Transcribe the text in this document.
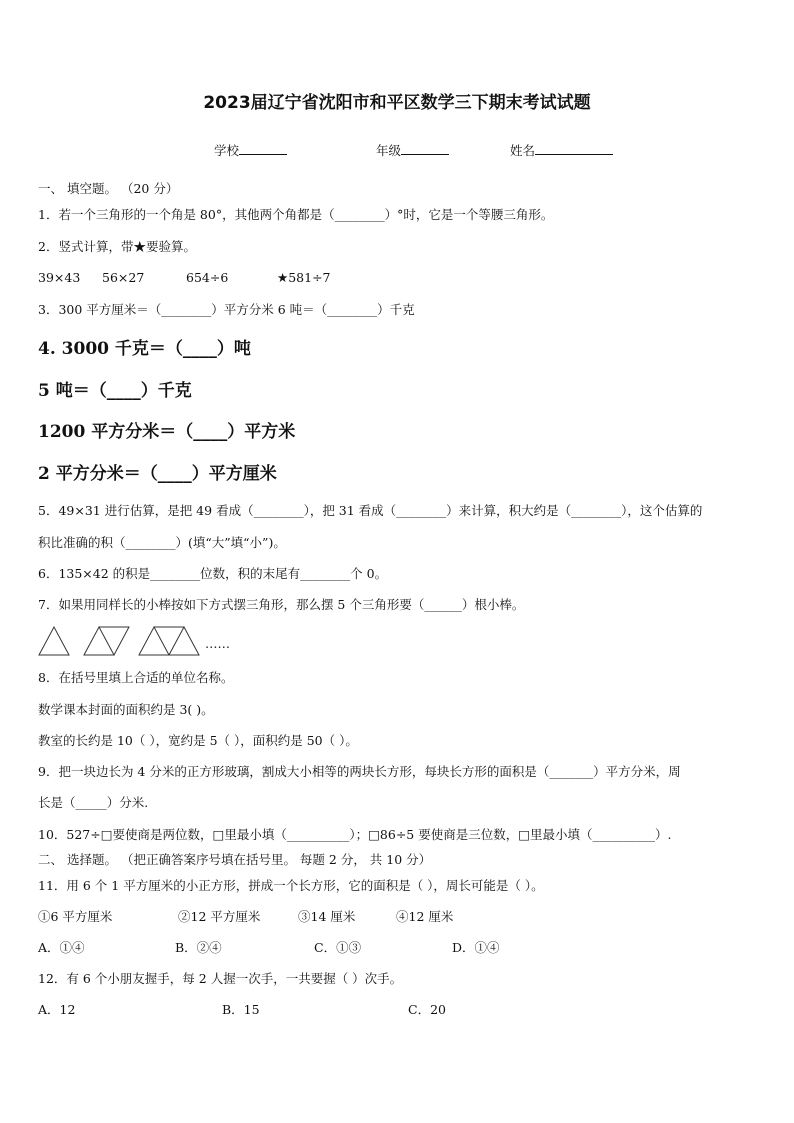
2023届辽宁省沈阳市和平区数学三下期末考试试题
学校	年级	姓名
一、 填空题。 （20 分）
1．若一个三角形的一个角是 80°，其他两个角都是（________）°时，它是一个等腰三角形。
2．竖式计算，带★要验算。
39×43 56×27	654÷6	★581÷7
3．300 平方厘米＝（________）平方分米 6 吨＝（________）千克
4. 3000 千克＝（____）吨
5 吨＝（____）千克
1200 平方分米＝（____）平方米
2 平方分米＝（____）平方厘米
5．49×31 进行估算，是把 49 看成（________），把 31 看成（________）来计算，积大约是（________），这个估算的
积比准确的积（________）(填“大”填“小”)。
6．135×42 的积是________位数，积的末尾有________个 0。
7．如果用同样长的小棒按如下方式摆三角形，那么摆 5 个三角形要（______）根小棒。
……
8．在括号里填上合适的单位名称。
数学课本封面的面积约是 3( )。
教室的长约是 10（ ），宽约是 5（ ），面积约是 50（ ）。
9．把一块边长为 4 分米的正方形玻璃，割成大小相等的两块长方形，每块长方形的面积是（_______）平方分米，周
长是（_____）分米.
10．527÷□要使商是两位数，□里最小填（__________）；□86÷5 要使商是三位数，□里最小填（__________）.
二、 选择题。 （把正确答案序号填在括号里。 每题 2 分， 共 10 分）
11．用 6 个 1 平方厘米的小正方形，拼成一个长方形，它的面积是（ ），周长可能是（ ）。
①6 平方厘米	②12 平方厘米	③14 厘米	④12 厘米
A．①④	B．②④	C．①③	D．①④
12．有 6 个小朋友握手，每 2 人握一次手，一共要握（ ）次手。
A．12	B．15	C．20
